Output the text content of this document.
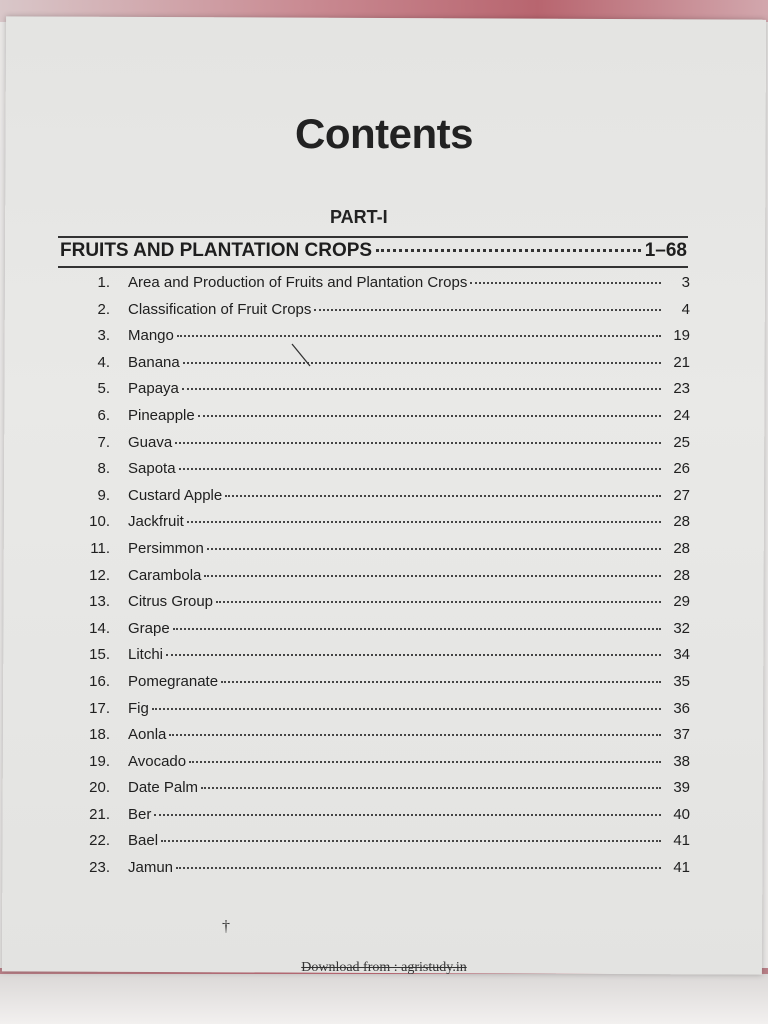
Contents
PART-I
FRUITS AND PLANTATION CROPS	1–68
1. Area and Production of Fruits and Plantation Crops	3
2. Classification of Fruit Crops	4
3. Mango	19
4. Banana	21
5. Papaya	23
6. Pineapple	24
7. Guava	25
8. Sapota	26
9. Custard Apple	27
10. Jackfruit	28
11. Persimmon	28
12. Carambola	28
13. Citrus Group	29
14. Grape	32
15. Litchi	34
16. Pomegranate	35
17. Fig	36
18. Aonla	37
19. Avocado	38
20. Date Palm	39
21. Ber	40
22. Bael	41
23. Jamun	41
†
Download from : agristudy.in
